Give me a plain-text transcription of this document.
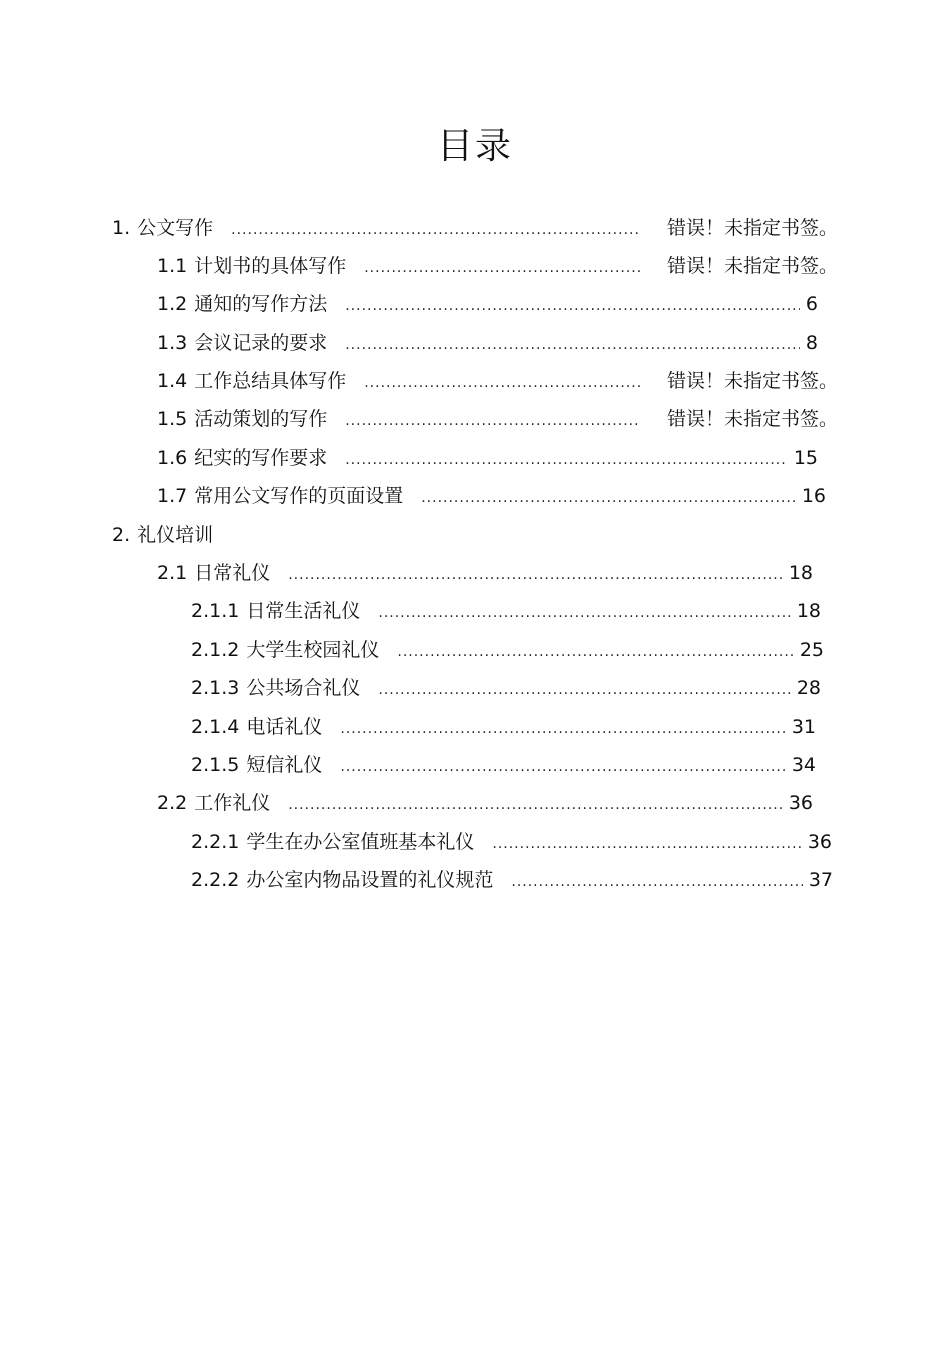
目录
1. 公文写作 .....	错误！未指定书签。
1.1 计划书的具体写作 .....	错误！未指定书签。
1.2 通知的写作方法 .....	6
1.3 会议记录的要求 .....	8
1.4 工作总结具体写作 .....	错误！未指定书签。
1.5 活动策划的写作 .....	错误！未指定书签。
1.6 纪实的写作要求 .....	15
1.7 常用公文写作的页面设置 .....	16
2. 礼仪培训
2.1 日常礼仪 .....	18
2.1.1 日常生活礼仪 .....	18
2.1.2 大学生校园礼仪 .....	25
2.1.3 公共场合礼仪 .....	28
2.1.4 电话礼仪 .....	31
2.1.5 短信礼仪 .....	34
2.2 工作礼仪 .....	36
2.2.1 学生在办公室值班基本礼仪 .....	36
2.2.2 办公室内物品设置的礼仪规范 .....	37
